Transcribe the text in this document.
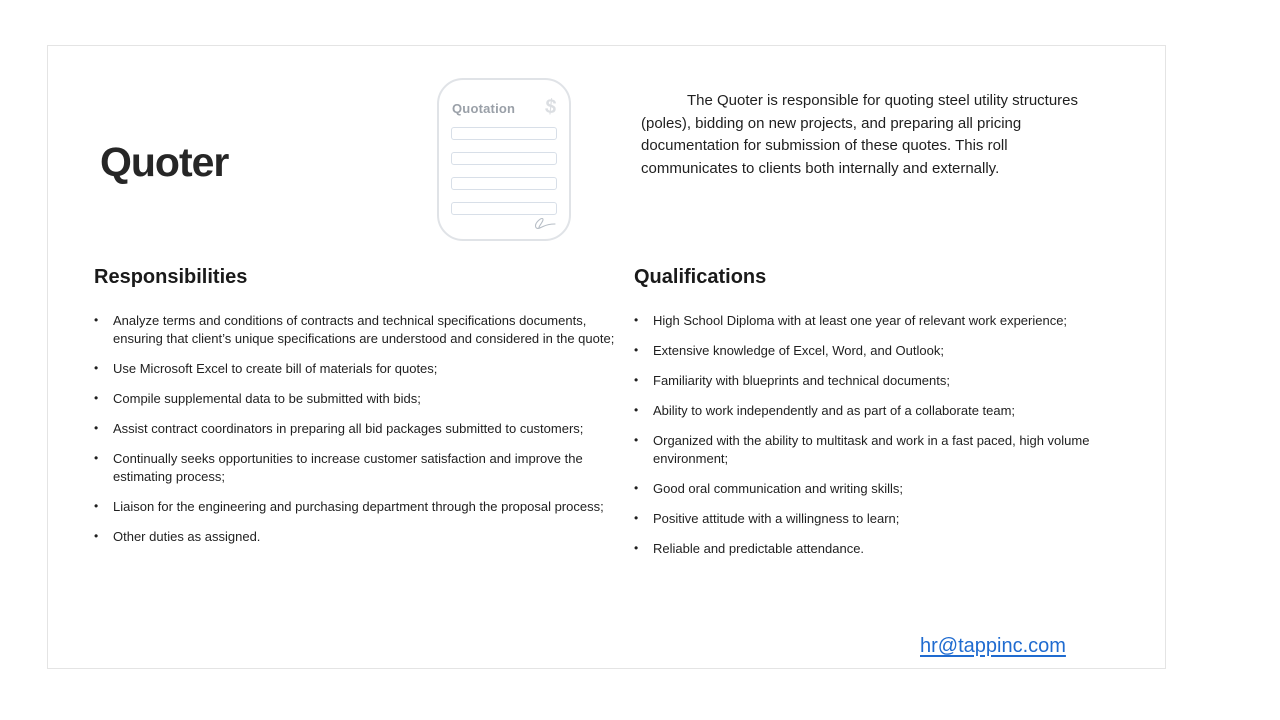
Quoter
Quotation $	The Quoter is responsible for quoting steel utility structures (poles), bidding on new projects, and preparing all pricing documentation for submission of these quotes. This roll communicates to clients both internally and externally.
Responsibilities
•	Analyze terms and conditions of contracts and technical specifications documents, ensuring that client’s unique specifications are understood and considered in the quote;
•	Use Microsoft Excel to create bill of materials for quotes;
•	Compile supplemental data to be submitted with bids;
•	Assist contract coordinators in preparing all bid packages submitted to customers;
•	Continually seeks opportunities to increase customer satisfaction and improve the estimating process;
•	Liaison for the engineering and purchasing department through the proposal process;
•	Other duties as assigned.
Qualifications
•	High School Diploma with at least one year of relevant work experience;
•	Extensive knowledge of Excel, Word, and Outlook;
•	Familiarity with blueprints and technical documents;
•	Ability to work independently and as part of a collaborate team;
•	Organized with the ability to multitask and work in a fast paced, high volume environment;
•	Good oral communication and writing skills;
•	Positive attitude with a willingness to learn;
•	Reliable and predictable attendance.
hr@tappinc.com
